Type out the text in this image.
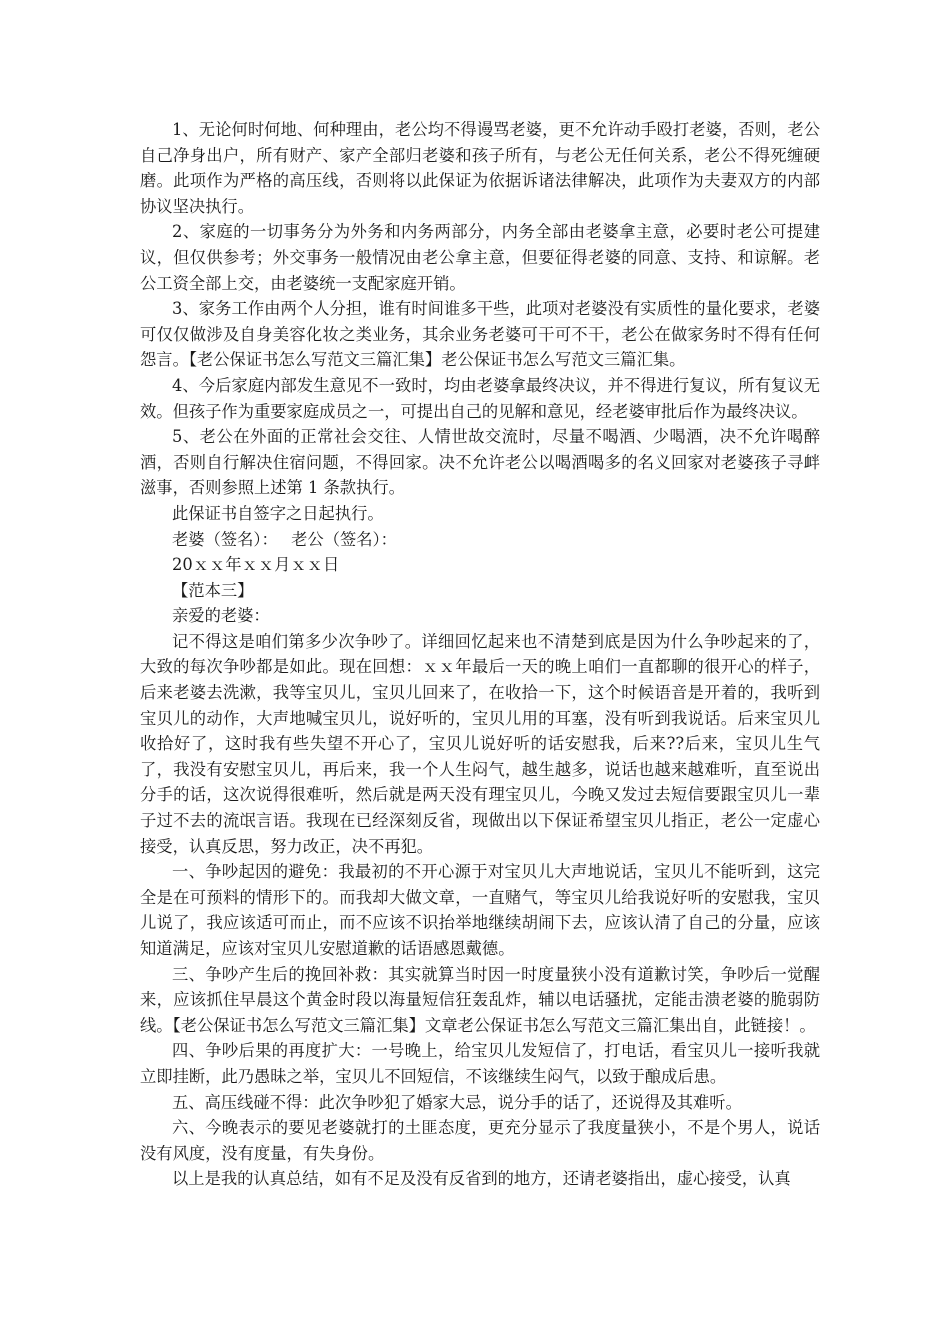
1、无论何时何地、何种理由，老公均不得谩骂老婆，更不允许动手殴打老婆，否则，老公自己净身出户，所有财产、家产全部归老婆和孩子所有，与老公无任何关系，老公不得死缠硬磨。此项作为严格的高压线，否则将以此保证为依据诉诸法律解决，此项作为夫妻双方的内部协议坚决执行。

2、家庭的一切事务分为外务和内务两部分，内务全部由老婆拿主意，必要时老公可提建议，但仅供参考；外交事务一般情况由老公拿主意，但要征得老婆的同意、支持、和谅解。老公工资全部上交，由老婆统一支配家庭开销。

3、家务工作由两个人分担，谁有时间谁多干些，此项对老婆没有实质性的量化要求，老婆可仅仅做涉及自身美容化妆之类业务，其余业务老婆可干可不干，老公在做家务时不得有任何怨言。【老公保证书怎么写范文三篇汇集】老公保证书怎么写范文三篇汇集。

4、今后家庭内部发生意见不一致时，均由老婆拿最终决议，并不得进行复议，所有复议无效。但孩子作为重要家庭成员之一，可提出自己的见解和意见，经老婆审批后作为最终决议。

5、老公在外面的正常社会交往、人情世故交流时，尽量不喝酒、少喝酒，决不允许喝醉酒，否则自行解决住宿问题，不得回家。决不允许老公以喝酒喝多的名义回家对老婆孩子寻衅滋事，否则参照上述第 1 条款执行。

此保证书自签字之日起执行。

老婆（签名）：　 老公（签名）：

20ｘｘ年ｘｘ月ｘｘ日

【范本三】

亲爱的老婆：

记不得这是咱们第多少次争吵了。详细回忆起来也不清楚到底是因为什么争吵起来的了，大致的每次争吵都是如此。现在回想：ｘｘ年最后一天的晚上咱们一直都聊的很开心的样子，后来老婆去洗漱，我等宝贝儿，宝贝儿回来了，在收拾一下，这个时候语音是开着的，我听到宝贝儿的动作，大声地喊宝贝儿，说好听的，宝贝儿用的耳塞，没有听到我说话。后来宝贝儿收拾好了，这时我有些失望不开心了，宝贝儿说好听的话安慰我，后来??后来，宝贝儿生气了，我没有安慰宝贝儿，再后来，我一个人生闷气，越生越多，说话也越来越难听，直至说出分手的话，这次说得很难听，然后就是两天没有理宝贝儿，今晚又发过去短信要跟宝贝儿一辈子过不去的流氓言语。我现在已经深刻反省，现做出以下保证希望宝贝儿指正，老公一定虚心接受，认真反思，努力改正，决不再犯。

一、争吵起因的避免：我最初的不开心源于对宝贝儿大声地说话，宝贝儿不能听到，这完全是在可预料的情形下的。而我却大做文章，一直赌气，等宝贝儿给我说好听的安慰我，宝贝儿说了，我应该适可而止，而不应该不识抬举地继续胡闹下去，应该认清了自己的分量，应该知道满足，应该对宝贝儿安慰道歉的话语感恩戴德。

三、争吵产生后的挽回补救：其实就算当时因一时度量狭小没有道歉讨笑，争吵后一觉醒来，应该抓住早晨这个黄金时段以海量短信狂轰乱炸，辅以电话骚扰，定能击溃老婆的脆弱防线。【老公保证书怎么写范文三篇汇集】文章老公保证书怎么写范文三篇汇集出自，此链接！。

四、争吵后果的再度扩大：一号晚上，给宝贝儿发短信了，打电话，看宝贝儿一接听我就立即挂断，此乃愚昧之举，宝贝儿不回短信，不该继续生闷气，以致于酿成后患。

五、高压线碰不得：此次争吵犯了婚家大忌，说分手的话了，还说得及其难听。

六、今晚表示的要见老婆就打的土匪态度，更充分显示了我度量狭小，不是个男人，说话没有风度，没有度量，有失身份。

以上是我的认真总结，如有不足及没有反省到的地方，还请老婆指出，虚心接受，认真
